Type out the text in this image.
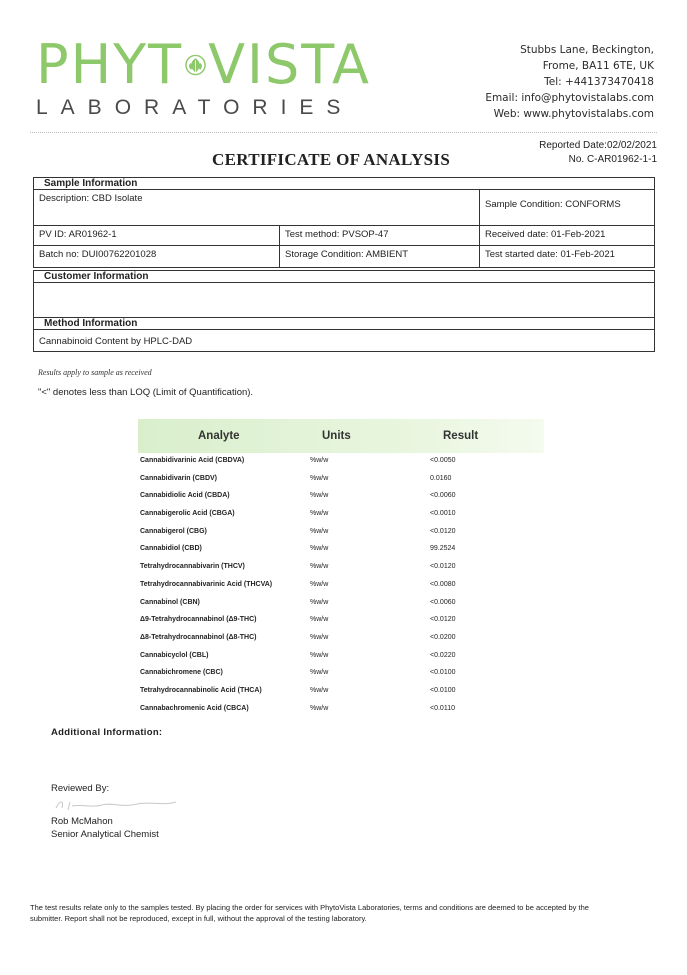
PHYT VISTA
LABORATORIES
Stubbs Lane, Beckington,
Frome, BA11 6TE, UK
Tel: +441373470418
Email: info@phytovistalabs.com
Web: www.phytovistalabs.com
Reported Date:02/02/2021
No. C-AR01962-1-1
CERTIFICATE OF ANALYSIS
Sample Information
Description: CBD Isolate
Sample Condition: CONFORMS
PV ID: AR01962-1	Test method: PVSOP-47	Received date: 01-Feb-2021
Batch no: DUI00762201028	Storage Condition: AMBIENT	Test started date: 01-Feb-2021
Customer Information
Method Information
Cannabinoid Content by HPLC-DAD
Results apply to sample as received
"<" denotes less than LOQ (Limit of Quantification).
Analyte	Units	Result
Cannabidivarinic Acid (CBDVA)	%w/w	<0.0050
Cannabidivarin (CBDV)	%w/w	0.0160
Cannabidiolic Acid (CBDA)	%w/w	<0.0060
Cannabigerolic Acid (CBGA)	%w/w	<0.0010
Cannabigerol (CBG)	%w/w	<0.0120
Cannabidiol (CBD)	%w/w	99.2524
Tetrahydrocannabivarin (THCV)	%w/w	<0.0120
Tetrahydrocannabivarinic Acid (THCVA)	%w/w	<0.0080
Cannabinol (CBN)	%w/w	<0.0060
Δ9-Tetrahydrocannabinol (Δ9-THC)	%w/w	<0.0120
Δ8-Tetrahydrocannabinol (Δ8-THC)	%w/w	<0.0200
Cannabicyclol (CBL)	%w/w	<0.0220
Cannabichromene (CBC)	%w/w	<0.0100
Tetrahydrocannabinolic Acid (THCA)	%w/w	<0.0100
Cannabachromenic Acid (CBCA)	%w/w	<0.0110
Additional Information:
Reviewed By:
Rob McMahon
Senior Analytical Chemist
The test results relate only to the samples tested. By placing the order for services with PhytoVista Laboratories, terms and conditions are deemed to be accepted by the submitter. Report shall not be reproduced, except in full, without the approval of the testing laboratory.
